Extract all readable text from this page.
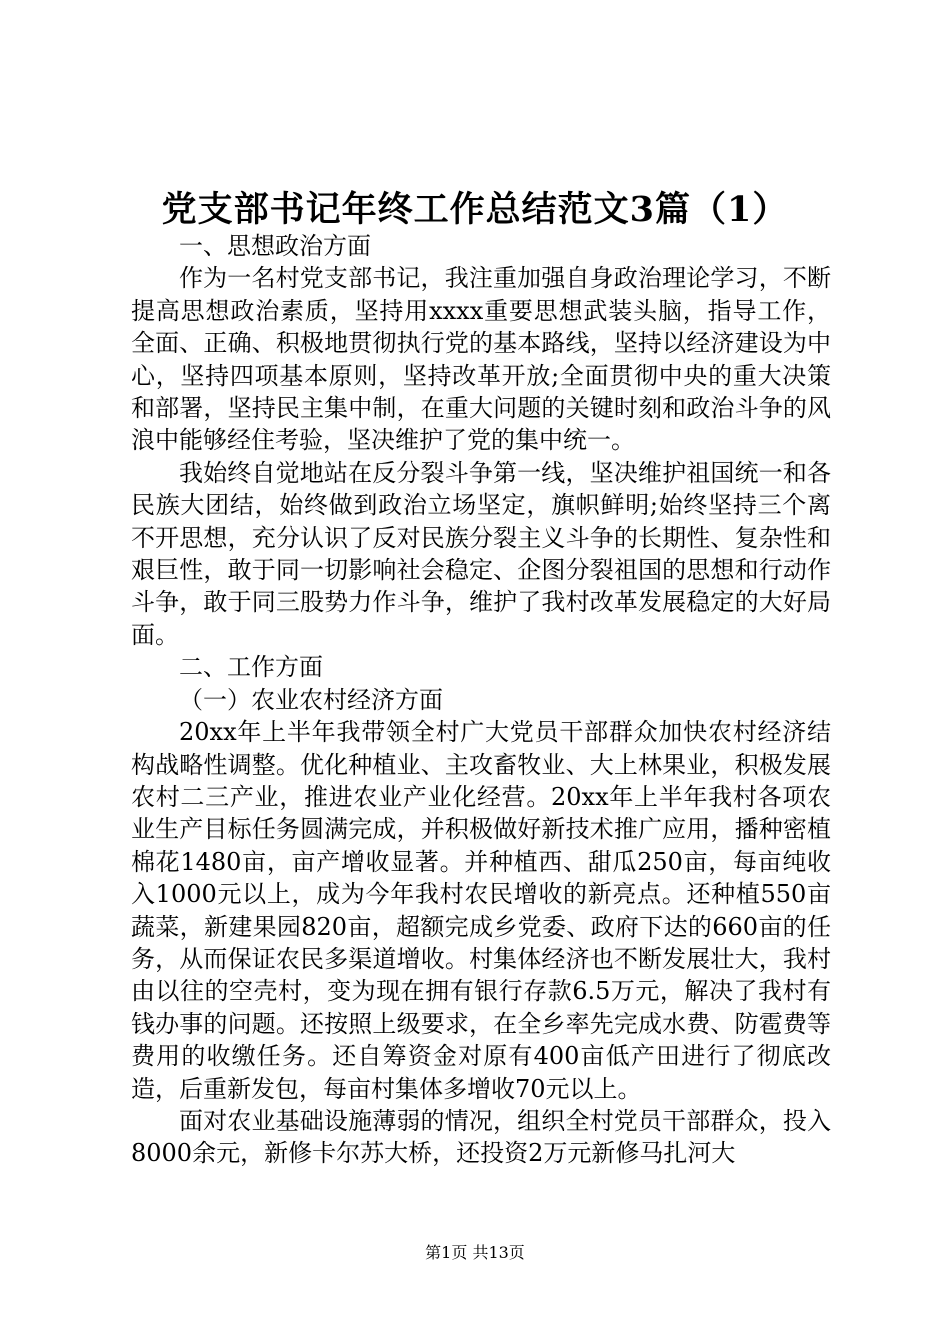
党支部书记年终工作总结范文3篇（1）

一、思想政治方面

作为一名村党支部书记，我注重加强自身政治理论学习，不断提高思想政治素质，坚持用xxxx重要思想武装头脑，指导工作，全面、正确、积极地贯彻执行党的基本路线，坚持以经济建设为中心，坚持四项基本原则，坚持改革开放;全面贯彻中央的重大决策和部署，坚持民主集中制，在重大问题的关键时刻和政治斗争的风浪中能够经住考验，坚决维护了党的集中统一。

我始终自觉地站在反分裂斗争第一线，坚决维护祖国统一和各民族大团结，始终做到政治立场坚定，旗帜鲜明;始终坚持三个离不开思想，充分认识了反对民族分裂主义斗争的长期性、复杂性和艰巨性，敢于同一切影响社会稳定、企图分裂祖国的思想和行动作斗争，敢于同三股势力作斗争，维护了我村改革发展稳定的大好局面。

二、工作方面

（一）农业农村经济方面

20xx年上半年我带领全村广大党员干部群众加快农村经济结构战略性调整。优化种植业、主攻畜牧业、大上林果业，积极发展农村二三产业，推进农业产业化经营。20xx年上半年我村各项农业生产目标任务圆满完成，并积极做好新技术推广应用，播种密植棉花1480亩，亩产增收显著。并种植西、甜瓜250亩，每亩纯收入1000元以上，成为今年我村农民增收的新亮点。还种植550亩蔬菜，新建果园820亩，超额完成乡党委、政府下达的660亩的任务，从而保证农民多渠道增收。村集体经济也不断发展壮大，我村由以往的空壳村，变为现在拥有银行存款6.5万元，解决了我村有钱办事的问题。还按照上级要求，在全乡率先完成水费、防雹费等费用的收缴任务。还自筹资金对原有400亩低产田进行了彻底改造，后重新发包，每亩村集体多增收70元以上。

面对农业基础设施薄弱的情况，组织全村党员干部群众，投入8000余元，新修卡尔苏大桥，还投资2万元新修马扎河大

第1页 共13页
